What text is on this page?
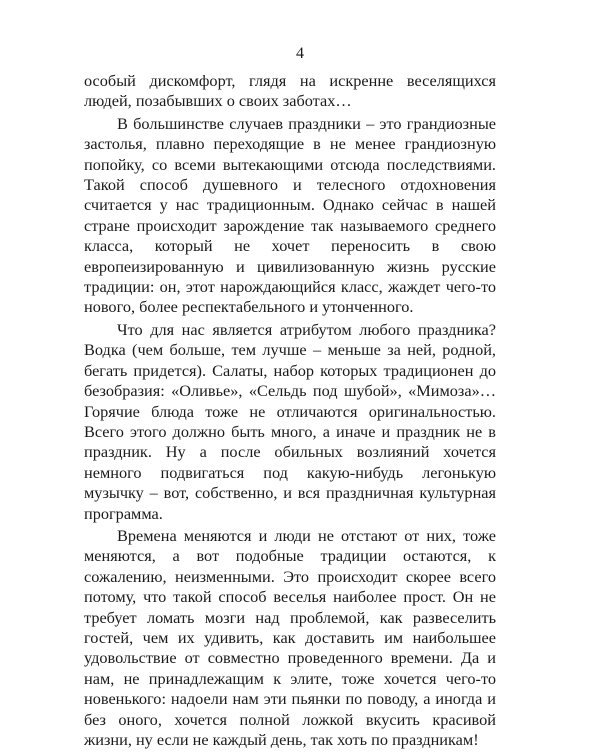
4

особый дискомфорт, глядя на искренне веселящихся людей, позабывших о своих заботах…

В большинстве случаев праздники – это грандиозные застолья, плавно переходящие в не менее грандиозную попойку, со всеми вытекающими отсюда последствиями. Такой способ душевного и телесного отдохновения считается у нас традиционным. Однако сейчас в нашей стране происходит зарождение так называемого среднего класса, который не хочет переносить в свою европеизированную и цивилизованную жизнь русские традиции: он, этот нарождающийся класс, жаждет чего-то нового, более респектабельного и утонченного.

Что для нас является атрибутом любого праздника? Водка (чем больше, тем лучше – меньше за ней, родной, бегать придется). Салаты, набор которых традиционен до безобразия: «Оливье», «Сельдь под шубой», «Мимоза»… Горячие блюда тоже не отличаются оригинальностью. Всего этого должно быть много, а иначе и праздник не в праздник. Ну а после обильных возлияний хочется немного подвигаться под какую-нибудь легонькую музычку – вот, собственно, и вся праздничная культурная программа.

Времена меняются и люди не отстают от них, тоже меняются, а вот подобные традиции остаются, к сожалению, неизменными. Это происходит скорее всего потому, что такой способ веселья наиболее прост. Он не требует ломать мозги над проблемой, как развеселить гостей, чем их удивить, как доставить им наибольшее удовольствие от совместно проведенного времени. Да и нам, не принадлежащим к элите, тоже хочется чего-то новенького: надоели нам эти пьянки по поводу, а иногда и без оного, хочется полной ложкой вкусить красивой жизни, ну если не каждый день, так хоть по праздникам!
